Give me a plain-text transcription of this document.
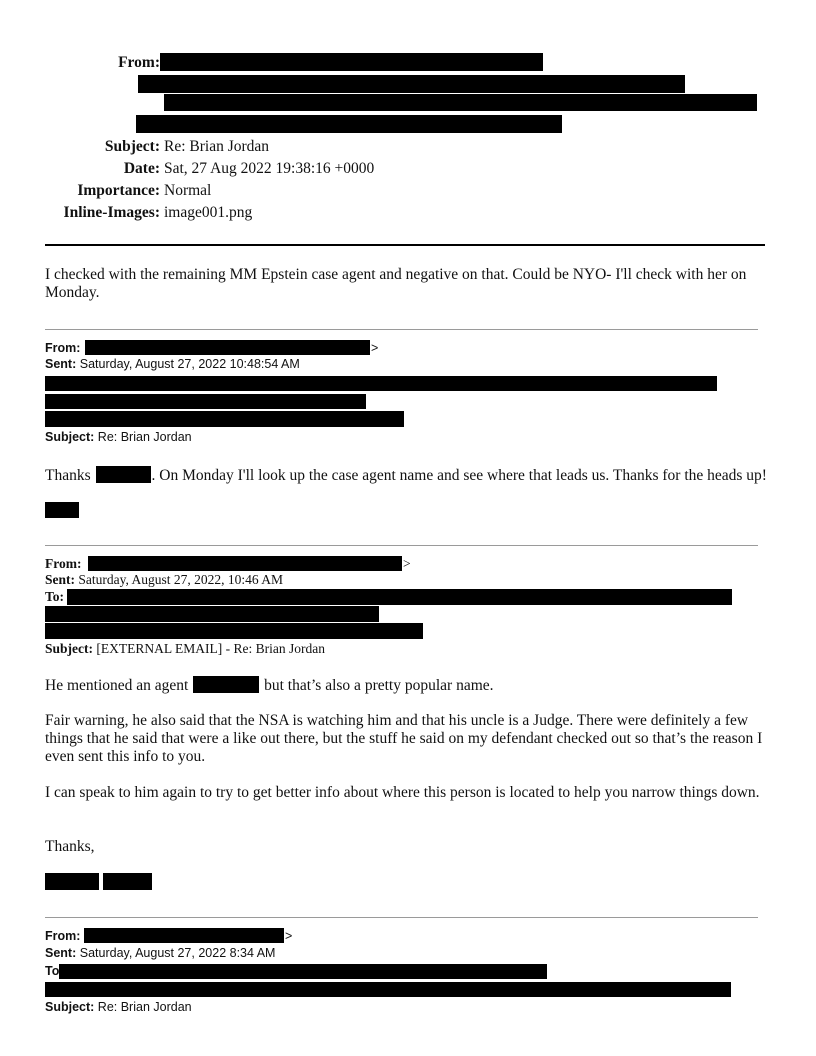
From:
Subject: Re: Brian Jordan
Date: Sat, 27 Aug 2022 19:38:16 +0000
Importance: Normal
Inline-Images: image001.png
I checked with the remaining MM Epstein case agent and negative on that. Could be NYO- I'll check with her on Monday.
From:	>
Sent: Saturday, August 27, 2022 10:48:54 AM
Subject: Re: Brian Jordan
Thanks	. On Monday I'll look up the case agent name and see where that leads us. Thanks for the heads up!
From:	>
Sent: Saturday, August 27, 2022, 10:46 AM
To:
Subject: [EXTERNAL EMAIL] - Re: Brian Jordan
He mentioned an agent	but that’s also a pretty popular name.
Fair warning, he also said that the NSA is watching him and that his uncle is a Judge. There were definitely a few things that he said that were a like out there, but the stuff he said on my defendant checked out so that’s the reason I even sent this info to you.
I can speak to him again to try to get better info about where this person is located to help you narrow things down.
Thanks,
From:	>
Sent: Saturday, August 27, 2022 8:34 AM
To
Subject: Re: Brian Jordan
